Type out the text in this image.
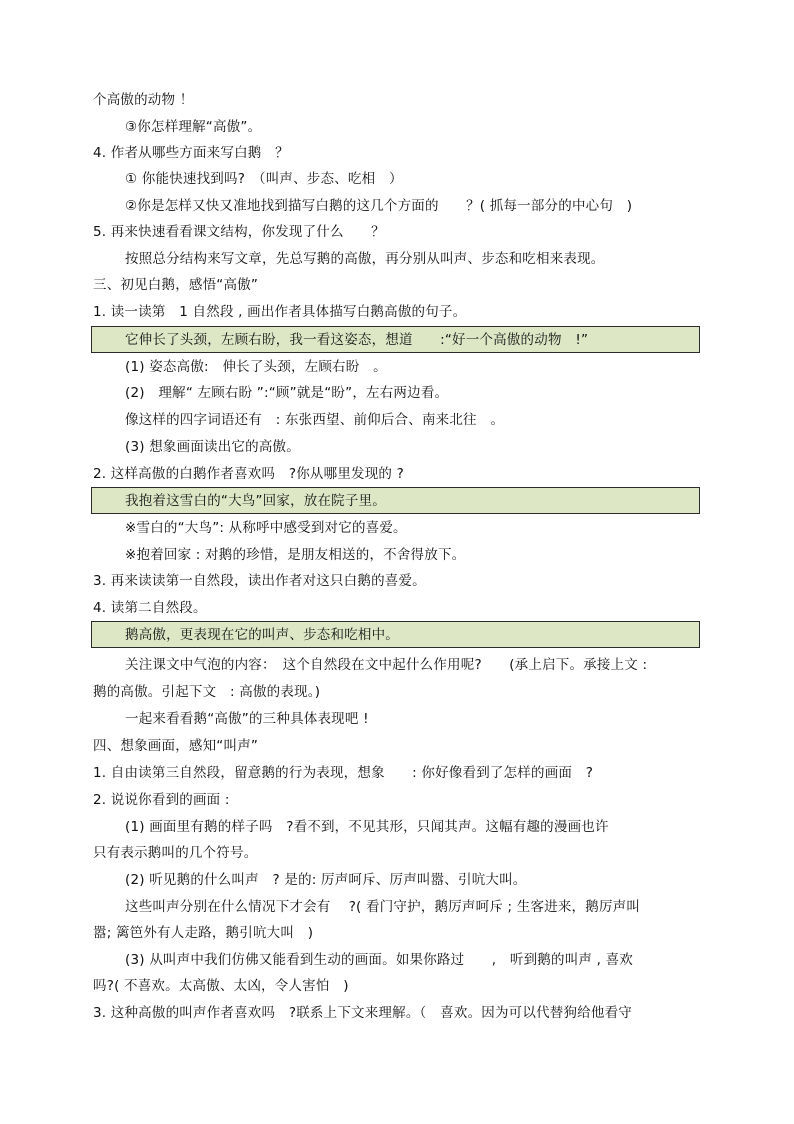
个高傲的动物 ！
③你怎样理解“高傲”。
4. 作者从哪些方面来写白鹅　？
① 你能快速找到吗?　（叫声、步态、吃相　）
②你是怎样又快又准地找到描写白鹅的这几个方面的　　？( 抓每一部分的中心句　)
5. 再来快速看看课文结构，你发现了什么　　？
按照总分结构来写文章，先总写鹅的高傲，再分别从叫声、步态和吃相来表现。
三、初见白鹅，感悟“高傲”
1. 读一读第　1 自然段 , 画出作者具体描写白鹅高傲的句子。
它伸长了头颈，左顾右盼，我一看这姿态，想道　　:“好一个高傲的动物　!”
(1) 姿态高傲:　伸长了头颈，左顾右盼　。
(2)　理解“ 左顾右盼 ”:“顾”就是“盼”，左右两边看。
像这样的四字词语还有　: 东张西望、前仰后合、南来北往　。
(3) 想象画面读出它的高傲。
2. 这样高傲的白鹅作者喜欢吗　?你从哪里发现的 ?
我抱着这雪白的“大鸟”回家，放在院子里。
※雪白的“大鸟”: 从称呼中感受到对它的喜爱。
※抱着回家 : 对鹅的珍惜，是朋友相送的，不舍得放下。
3. 再来读读第一自然段，读出作者对这只白鹅的喜爱。
4. 读第二自然段。
鹅高傲，更表现在它的叫声、步态和吃相中。
关注课文中气泡的内容：　这个自然段在文中起什么作用呢?　　(承上启下。承接上文 :
鹅的高傲。引起下文　: 高傲的表现。)
一起来看看鹅“高傲”的三种具体表现吧 !
四、想象画面，感知“叫声”
1. 自由读第三自然段，留意鹅的行为表现，想象　　: 你好像看到了怎样的画面　?
2. 说说你看到的画面 :
(1) 画面里有鹅的样子吗　?看不到，不见其形，只闻其声。这幅有趣的漫画也许
只有表示鹅叫的几个符号。
(2) 听见鹅的什么叫声　? 是的: 厉声呵斥、厉声叫嚣、引吭大叫。
这些叫声分别在什么情况下才会有　 ?( 看门守护，鹅厉声呵斥 ; 生客进来，鹅厉声叫
嚣; 篱笆外有人走路，鹅引吭大叫　)
(3) 从叫声中我们仿佛又能看到生动的画面。如果你路过　　,　听到鹅的叫声 , 喜欢
吗?( 不喜欢。太高傲、太凶，令人害怕　)
3. 这种高傲的叫声作者喜欢吗　?联系上下文来理解。（　喜欢。因为可以代替狗给他看守
